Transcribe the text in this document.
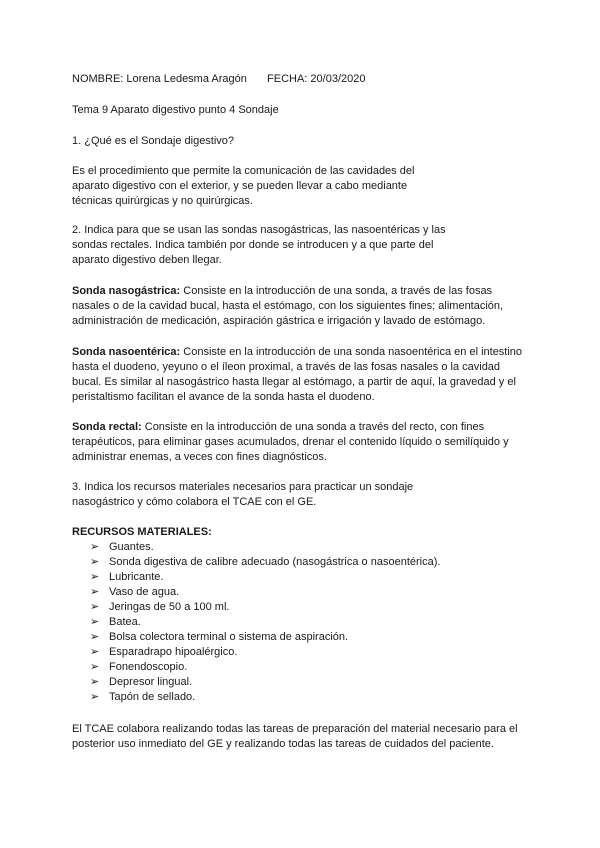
NOMBRE: Lorena Ledesma Aragón FECHA: 20/03/2020

Tema 9 Aparato digestivo punto 4 Sondaje

1. ¿Qué es el Sondaje digestivo?

Es el procedimiento que permite la comunicación de las cavidades del

aparato digestivo con el exterior, y se pueden llevar a cabo mediante

técnicas quirúrgicas y no quirúrgicas.

2. Indica para que se usan las sondas nasogástricas, las nasoentéricas y las

sondas rectales. Indica también por donde se introducen y a que parte del

aparato digestivo deben llegar.

Sonda nasogástrica: Consiste en la introducción de una sonda, a través de las fosas

nasales o de la cavidad bucal, hasta el estómago, con los siguientes fines; alimentación,

administración de medicación, aspiración gástrica e irrigación y lavado de estómago.

Sonda nasoentérica: Consiste en la introducción de una sonda nasoentérica en el intestino

hasta el duodeno, yeyuno o el íleon proximal, a través de las fosas nasales o la cavidad

bucal. Es similar al nasogástrico hasta llegar al estómago, a partir de aquí, la gravedad y el

peristaltismo facilitan el avance de la sonda hasta el duodeno.

Sonda rectal: Consiste en la introducción de una sonda a través del recto, con fines

terapéuticos, para eliminar gases acumulados, drenar el contenido líquido o semilíquido y

administrar enemas, a veces con fines diagnósticos.

3. Indica los recursos materiales necesarios para practicar un sondaje

nasogástrico y cómo colabora el TCAE con el GE.

RECURSOS MATERIALES:

➢ Guantes.
➢ Sonda digestiva de calibre adecuado (nasogástrica o nasoentérica).
➢ Lubricante.
➢ Vaso de agua.
➢ Jeringas de 50 a 100 ml.
➢ Batea.
➢ Bolsa colectora terminal o sistema de aspiración.
➢ Esparadrapo hipoalérgico.
➢ Fonendoscopio.
➢ Depresor lingual.
➢ Tapón de sellado.

El TCAE colabora realizando todas las tareas de preparación del material necesario para el

posterior uso inmediato del GE y realizando todas las tareas de cuidados del paciente.
